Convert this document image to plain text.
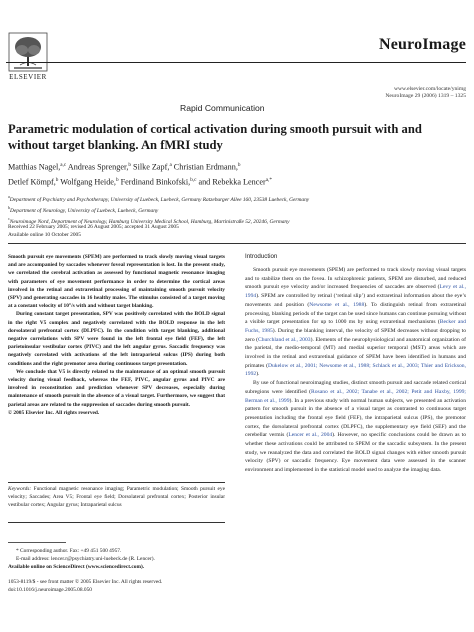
ELSEVIER
NeuroImage
www.elsevier.com/locate/ynimg
NeuroImage 29 (2006) 1319 – 1325
Rapid Communication
Parametric modulation of cortical activation during smooth pursuit with and without target blanking. An fMRI study
Matthias Nagel,$^{a,c}$ Andreas Sprenger,$^b$ Silke Zapf,$^a$ Christian Erdmann,$^b$
Detlef Kömpf,$^b$ Wolfgang Heide,$^b$ Ferdinand Binkofski,$^{b,c}$ and Rebekka Lencer$^{a,*}$
$^a$Department of Psychiatry and Psychotherapy, University of Luebeck, Luebeck, Germany Ratzeburger Allee 160, 23538 Luebeck, Germany
$^b$Department of Neurology, University of Luebeck, Luebeck, Germany
$^c$Neuroimage Nord, Department of Neurology, Hamburg University Medical School, Hamburg, Martinistraße 52, 20246, Germany
Received 22 February 2005; revised 26 August 2005; accepted 31 August 2005
Available online 10 October 2005

Smooth pursuit eye movements (SPEM) are performed to track slowly moving visual targets and are accompanied by saccades whenever foveal representation is lost. In the present study, we correlated the cerebral activation as assessed by functional magnetic resonance imaging with parameters of eye movement performance in order to determine the cortical areas involved in the retinal and extraretinal processing of maintaining smooth pursuit velocity (SPV) and generating saccades in 16 healthy males. The stimulus consisted of a target moving at a constant velocity of 10°/s with and without target blanking.

During constant target presentation, SPV was positively correlated with the BOLD signal in the right V5 complex and negatively correlated with the BOLD response in the left dorsolateral prefrontal cortex (DLPFC). In the condition with target blanking, additional negative correlations with SPV were found in the left frontal eye field (FEF), the left parietoinsular vestibular cortex (PIVC) and the left angular gyrus. Saccadic frequency was negatively correlated with activations of the left intraparietal sulcus (IPS) during both conditions and the right premotor area during continuous target presentation.

We conclude that V5 is directly related to the maintenance of an optimal smooth pursuit velocity during visual feedback, whereas the FEF, PIVC, angular gyrus and PIVC are involved in reconstitution and prediction whenever SPV decreases, especially during maintenance of smooth pursuit in the absence of a visual target. Furthermore, we suggest that parietal areas are related to the suppression of saccades during smooth pursuit.

© 2005 Elsevier Inc. All rights reserved.

Keywords: Functional magnetic resonance imaging; Parametric modulation; Smooth pursuit eye velocity; Saccades; Area V5; Frontal eye field; Dorsolateral prefrontal cortex; Posterior insular vestibular cortex; Angular gyrus; Intraparietal sulcus
* Corresponding author. Fax: +49 451 500 4957.
E-mail address: lencer.r@psychiatry.uni-luebeck.de (R. Lencer).
Available online on ScienceDirect (www.sciencedirect.com).
1053-8119/$ - see front matter © 2005 Elsevier Inc. All rights reserved.
doi:10.1016/j.neuroimage.2005.08.050
Introduction

Smooth pursuit eye movements (SPEM) are performed to track slowly moving visual targets and to stabilize them on the fovea. In schizophrenic patients, SPEM are disturbed, and reduced smooth pursuit eye velocity and/or increased frequencies of saccades are observed (Levy et al., 1994). SPEM are controlled by retinal (‘retinal slip’) and extraretinal information about the eye’s movements and position (Newsome et al., 1988). To distinguish retinal from extraretinal processing, blanking periods of the target can be used since humans can continue pursuing without a visible target presentation for up to 1000 ms by using extraretinal mechanisms (Becker and Fuchs, 1985). During the blanking interval, the velocity of SPEM decreases without dropping to zero (Churchland et al., 2003). Elements of the neurophysiological and anatomical organization of the parietal, the medio-temporal (MT) and medial superior temporal (MST) areas which are involved in the retinal and extraretinal guidance of SPEM have been identified in humans and primates (Dukelow et al., 2001; Newsome et al., 1988; Schlack et al., 2003; Thier and Erickson, 1992).

By use of functional neuroimaging studies, distinct smooth pursuit and saccade related cortical subregions were identified (Rosano et al., 2002; Tanabe et al., 2002; Petit and Haxby, 1999; Berman et al., 1999). In a previous study with normal human subjects, we presented an activation pattern for smooth pursuit in the absence of a visual target as contrasted to continuous target presentation including the frontal eye field (FEF), the intraparietal sulcus (IPS), the premotor cortex, the dorsolateral prefrontal cortex (DLPFC), the supplementary eye field (SEF) and the cerebellar vermis (Lencer et al., 2004). However, no specific conclusions could be drawn as to whether these activations could be attributed to SPEM or the saccadic subsystem. In the present study, we reanalyzed the data and correlated the BOLD signal changes with either smooth pursuit velocity (SPV) or saccadic frequency. Eye movement data were assessed in the scanner environment and implemented in the statistical model used to analyze the imaging data.
